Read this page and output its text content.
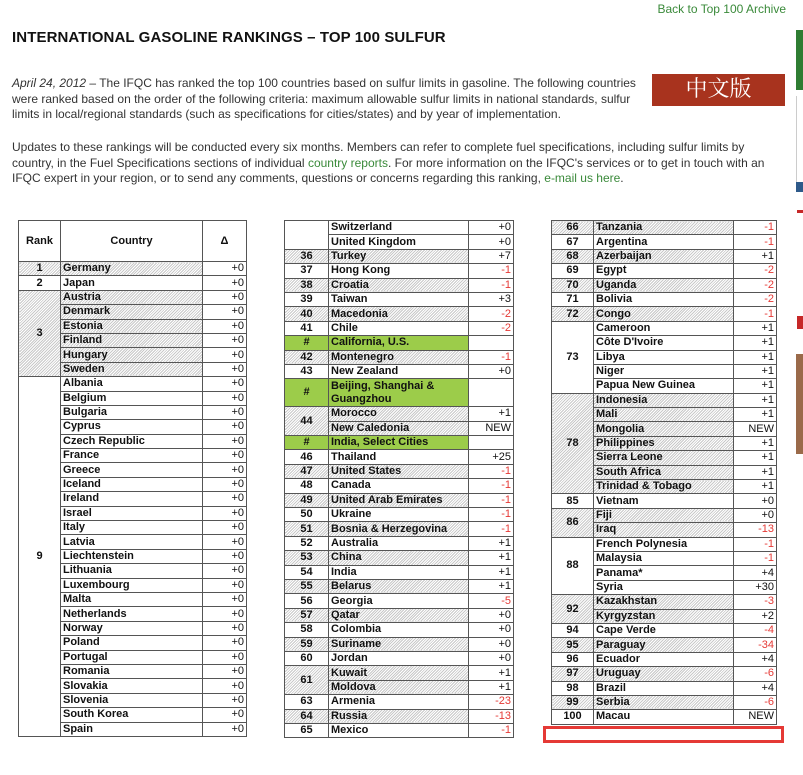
Back to Top 100 Archive
INTERNATIONAL GASOLINE RANKINGS – TOP 100 SULFUR

April 24, 2012 – The IFQC has ranked the top 100 countries based on sulfur limits in gasoline. The following countries were ranked based on the order of the following criteria: maximum allowable sulfur limits in national standards, sulfur limits in local/regional standards (such as specifications for cities/states) and by year of implementation.

中文版

Updates to these rankings will be conducted every six months. Members can refer to complete fuel specifications, including sulfur limits by country, in the Fuel Specifications sections of individual country reports. For more information on the IFQC's services or to get in touch with an IFQC expert in your region, or to send any comments, questions or concerns regarding this ranking, e-mail us here.

Rank	Country	Δ
1	Germany	+0
2	Japan	+0
3	Austria	+0
	Denmark	+0
	Estonia	+0
	Finland	+0
	Hungary	+0
	Sweden	+0
9	Albania	+0
	Belgium	+0
	Bulgaria	+0
	Cyprus	+0
	Czech Republic	+0
	France	+0
	Greece	+0
	Iceland	+0
	Ireland	+0
	Israel	+0
	Italy	+0
	Latvia	+0
	Liechtenstein	+0
	Lithuania	+0
	Luxembourg	+0
	Malta	+0
	Netherlands	+0
	Norway	+0
	Poland	+0
	Portugal	+0
	Romania	+0
	Slovakia	+0
	Slovenia	+0
	South Korea	+0
	Spain	+0
	Switzerland	+0
	United Kingdom	+0
36	Turkey	+7
37	Hong Kong	-1
38	Croatia	-1
39	Taiwan	+3
40	Macedonia	-2
41	Chile	-2
#	California, U.S.	
42	Montenegro	-1
43	New Zealand	+0
#	Beijing, Shanghai & Guangzhou	
44	Morocco	+1
	New Caledonia	NEW
#	India, Select Cities	
46	Thailand	+25
47	United States	-1
48	Canada	-1
49	United Arab Emirates	-1
50	Ukraine	-1
51	Bosnia & Herzegovina	-1
52	Australia	+1
53	China	+1
54	India	+1
55	Belarus	+1
56	Georgia	-5
57	Qatar	+0
58	Colombia	+0
59	Suriname	+0
60	Jordan	+0
61	Kuwait	+1
	Moldova	+1
63	Armenia	-23
64	Russia	-13
65	Mexico	-1
66	Tanzania	-1
67	Argentina	-1
68	Azerbaijan	+1
69	Egypt	-2
70	Uganda	-2
71	Bolivia	-2
72	Congo	-1
73	Cameroon	+1
	Côte D'Ivoire	+1
	Libya	+1
	Niger	+1
	Papua New Guinea	+1
78	Indonesia	+1
	Mali	+1
	Mongolia	NEW
	Philippines	+1
	Sierra Leone	+1
	South Africa	+1
	Trinidad & Tobago	+1
85	Vietnam	+0
86	Fiji	+0
	Iraq	-13
88	French Polynesia	-1
	Malaysia	-1
	Panama*	+4
	Syria	+30
92	Kazakhstan	-3
	Kyrgyzstan	+2
94	Cape Verde	-4
95	Paraguay	-34
96	Ecuador	+4
97	Uruguay	-6
98	Brazil	+4
99	Serbia	-6
100	Macau	NEW
